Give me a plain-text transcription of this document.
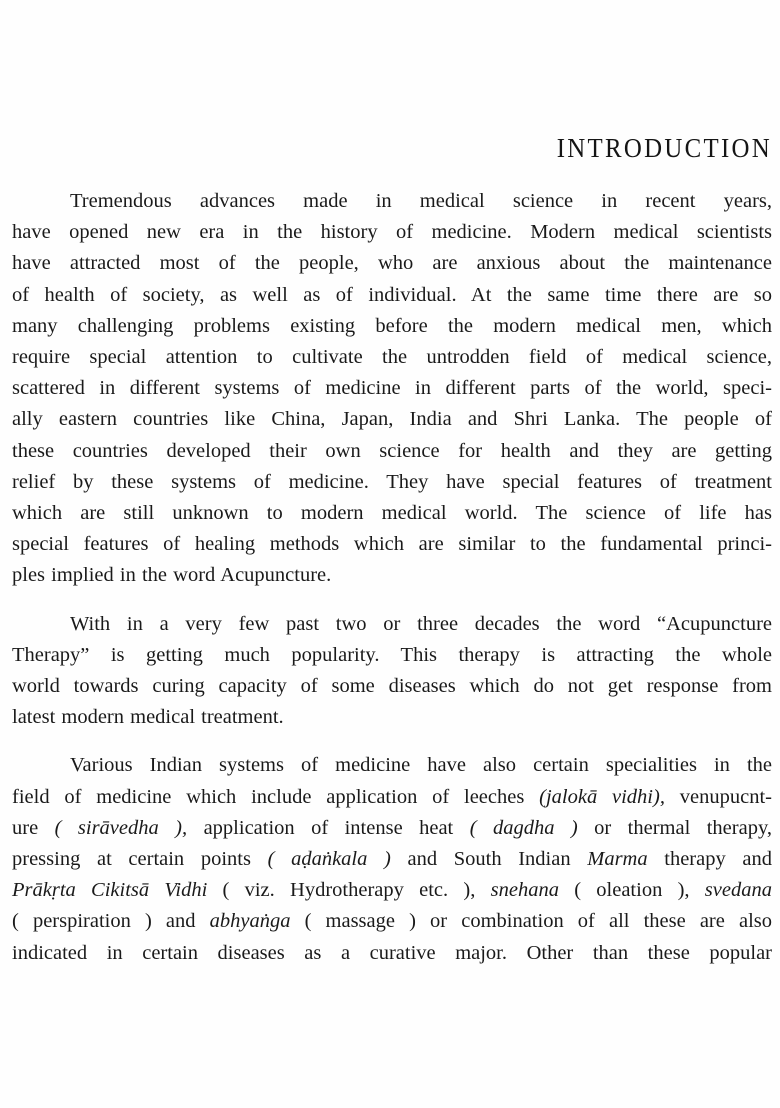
INTRODUCTION

Tremendous advances made in medical science in recent years,
have opened new era in the history of medicine. Modern medical scientists
have attracted most of the people, who are anxious about the maintenance
of health of society, as well as of individual. At the same time there are so
many challenging problems existing before the modern medical men, which
require special attention to cultivate the untrodden field of medical science,
scattered in different systems of medicine in different parts of the world, speci-
ally eastern countries like China, Japan, India and Shri Lanka. The people of
these countries developed their own science for health and they are getting
relief by these systems of medicine. They have special features of treatment
which are still unknown to modern medical world. The science of life has
special features of healing methods which are similar to the fundamental princi-
ples implied in the word Acupuncture.

With in a very few past two or three decades the word “Acupuncture
Therapy” is getting much popularity. This therapy is attracting the whole
world towards curing capacity of some diseases which do not get response from
latest modern medical treatment.

Various Indian systems of medicine have also certain specialities in the
field of medicine which include application of leeches (jalokā vidhi), venupucnt-
ure ( sirāvedha ), application of intense heat ( dagdha ) or thermal therapy,
pressing at certain points ( aḍaṅkala ) and South Indian Marma therapy and
Prākṛta Cikitsā Vidhi ( viz. Hydrotherapy etc. ), snehana ( oleation ), svedana
( perspiration ) and abhyaṅga ( massage ) or combination of all these are also
indicated in certain diseases as a curative major. Other than these popular
